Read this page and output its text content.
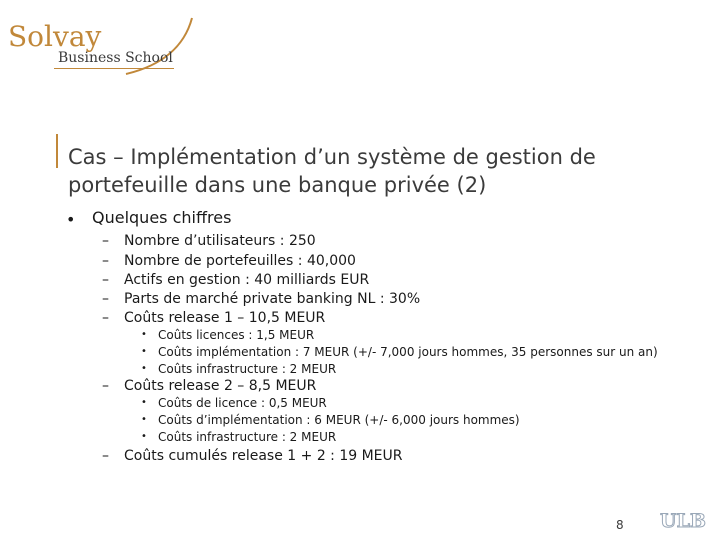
Solvay
Business School
Cas – Implémentation d’un système de gestion de portefeuille dans une banque privée (2)
• Quelques chiffres
– Nombre d’utilisateurs : 250
– Nombre de portefeuilles : 40,000
– Actifs en gestion : 40 milliards EUR
– Parts de marché private banking NL : 30%
– Coûts release 1 – 10,5 MEUR
• Coûts licences : 1,5 MEUR
• Coûts implémentation : 7 MEUR (+/- 7,000 jours hommes, 35 personnes sur un an)
• Coûts infrastructure : 2 MEUR
– Coûts release 2 – 8,5 MEUR
• Coûts de licence : 0,5 MEUR
• Coûts d’implémentation : 6 MEUR (+/- 6,000 jours hommes)
• Coûts infrastructure : 2 MEUR
– Coûts cumulés release 1 + 2 : 19 MEUR
8 ULB
